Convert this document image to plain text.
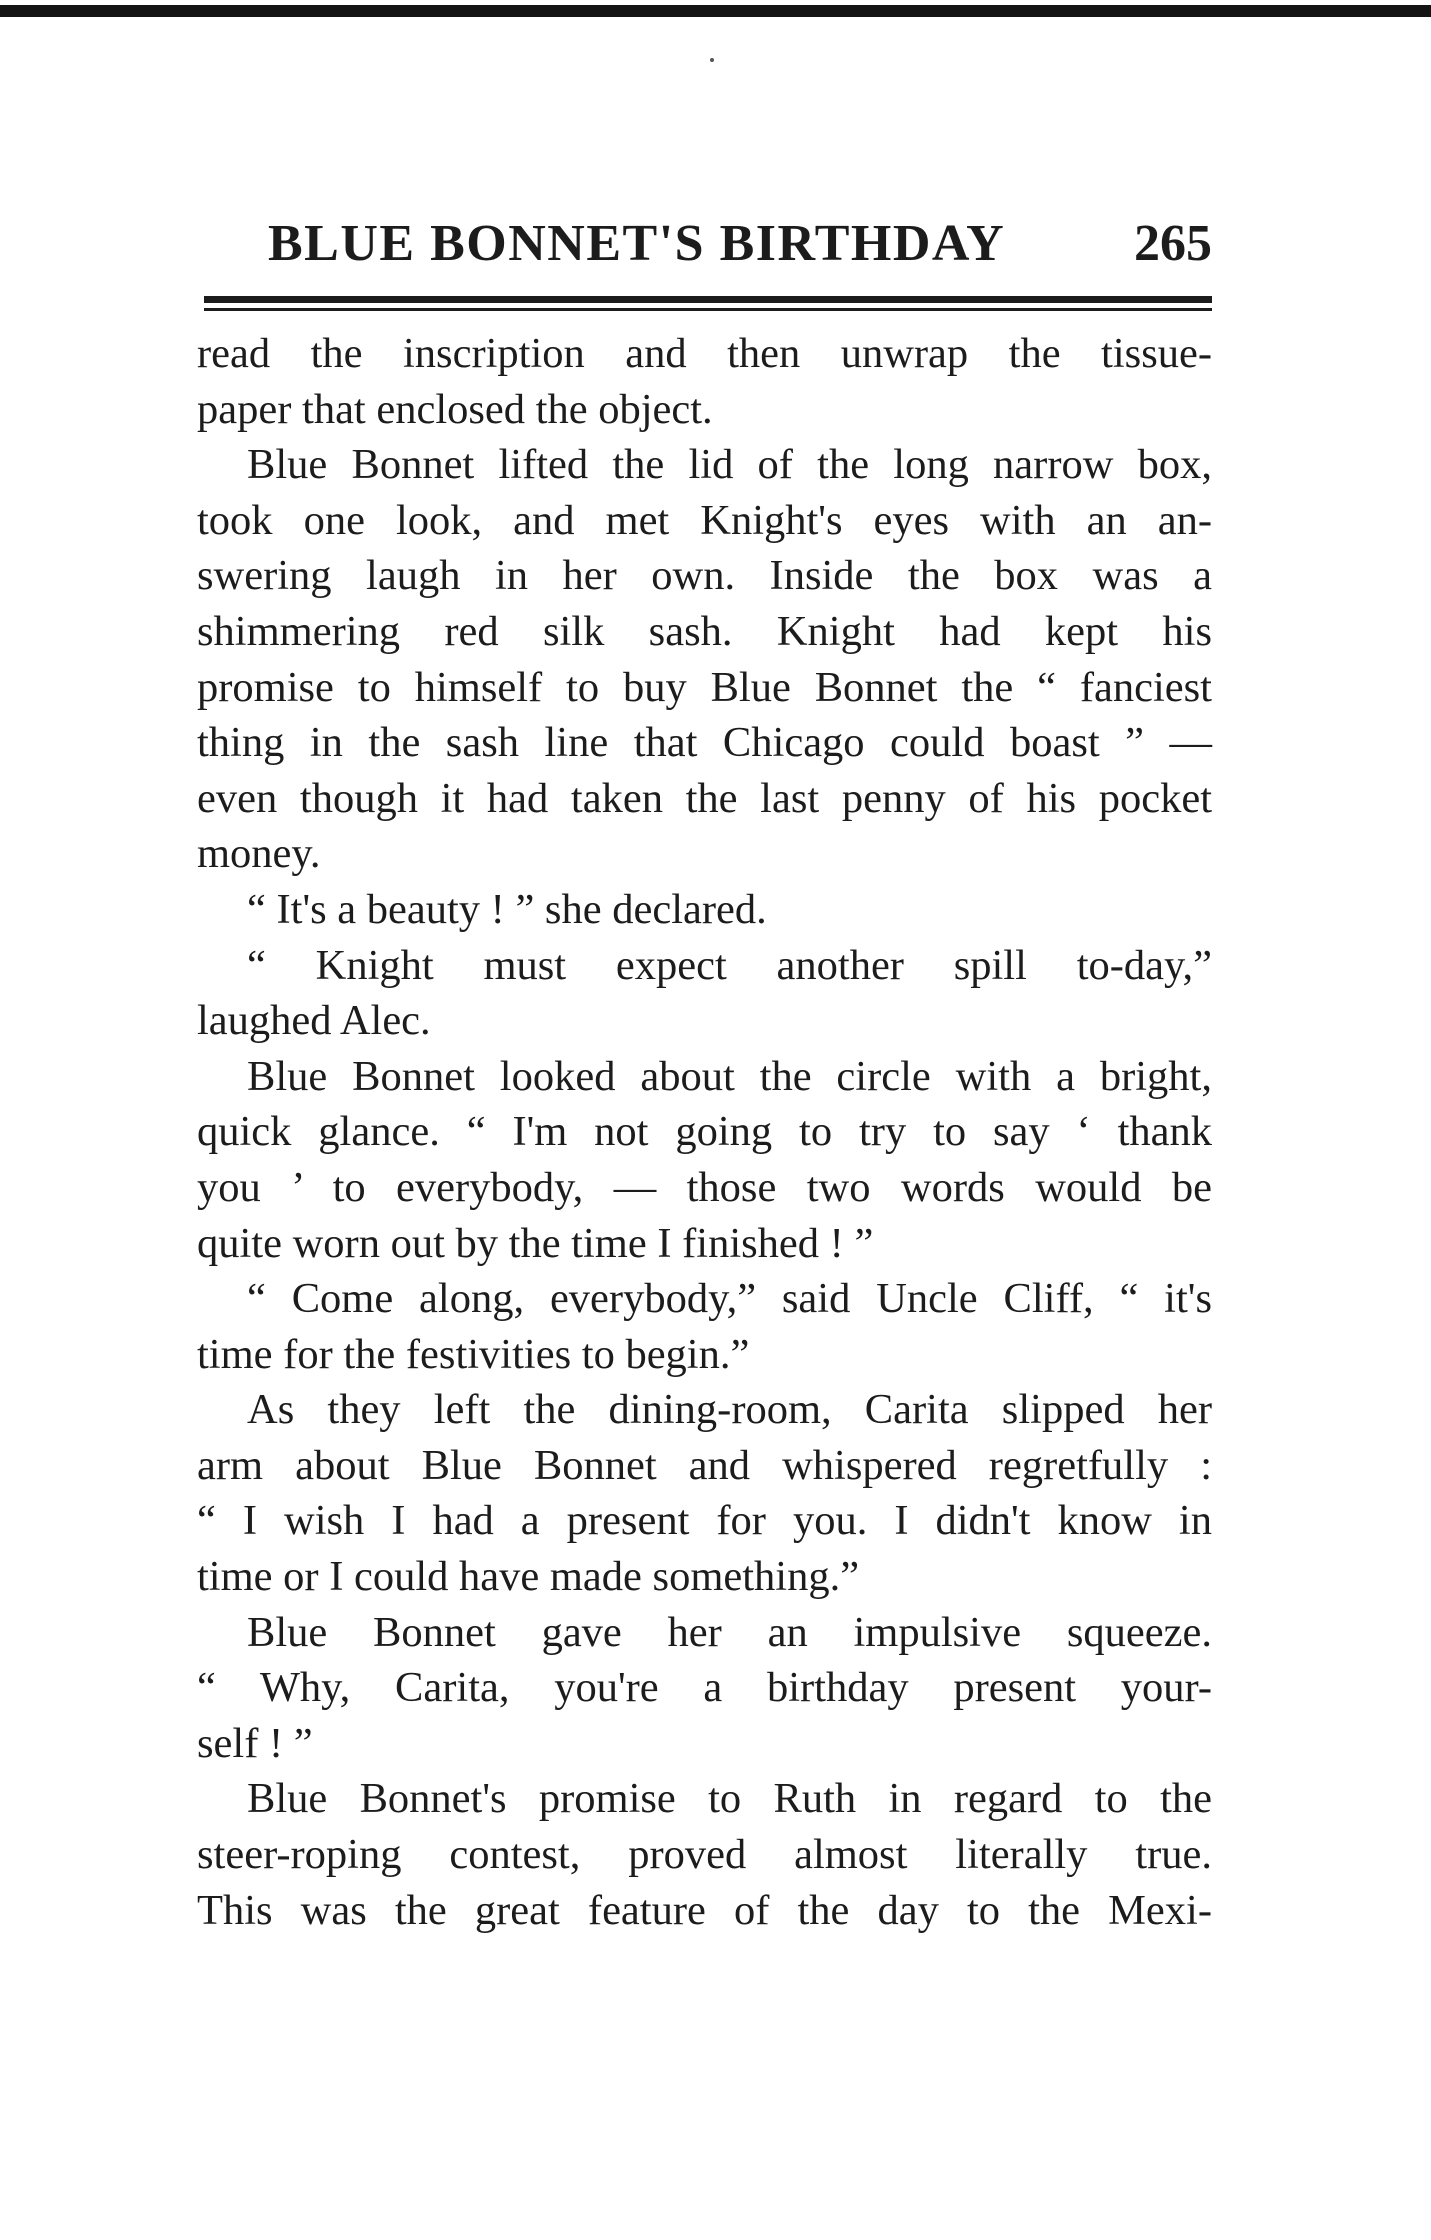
BLUE BONNET'S BIRTHDAY 265
read the inscription and then unwrap the tissue-
paper that enclosed the object.
Blue Bonnet lifted the lid of the long narrow box,
took one look, and met Knight's eyes with an an-
swering laugh in her own. Inside the box was a
shimmering red silk sash. Knight had kept his
promise to himself to buy Blue Bonnet the “ fanciest
thing in the sash line that Chicago could boast ” —
even though it had taken the last penny of his pocket
money.
“ It's a beauty ! ” she declared.
“ Knight must expect another spill to-day,”
laughed Alec.
Blue Bonnet looked about the circle with a bright,
quick glance. “ I'm not going to try to say ‘ thank
you ’ to everybody, — those two words would be
quite worn out by the time I finished ! ”
“ Come along, everybody,” said Uncle Cliff, “ it's
time for the festivities to begin.”
As they left the dining-room, Carita slipped her
arm about Blue Bonnet and whispered regretfully :
“ I wish I had a present for you. I didn't know in
time or I could have made something.”
Blue Bonnet gave her an impulsive squeeze.
“ Why, Carita, you're a birthday present your-
self ! ”
Blue Bonnet's promise to Ruth in regard to the
steer-roping contest, proved almost literally true.
This was the great feature of the day to the Mexi-
